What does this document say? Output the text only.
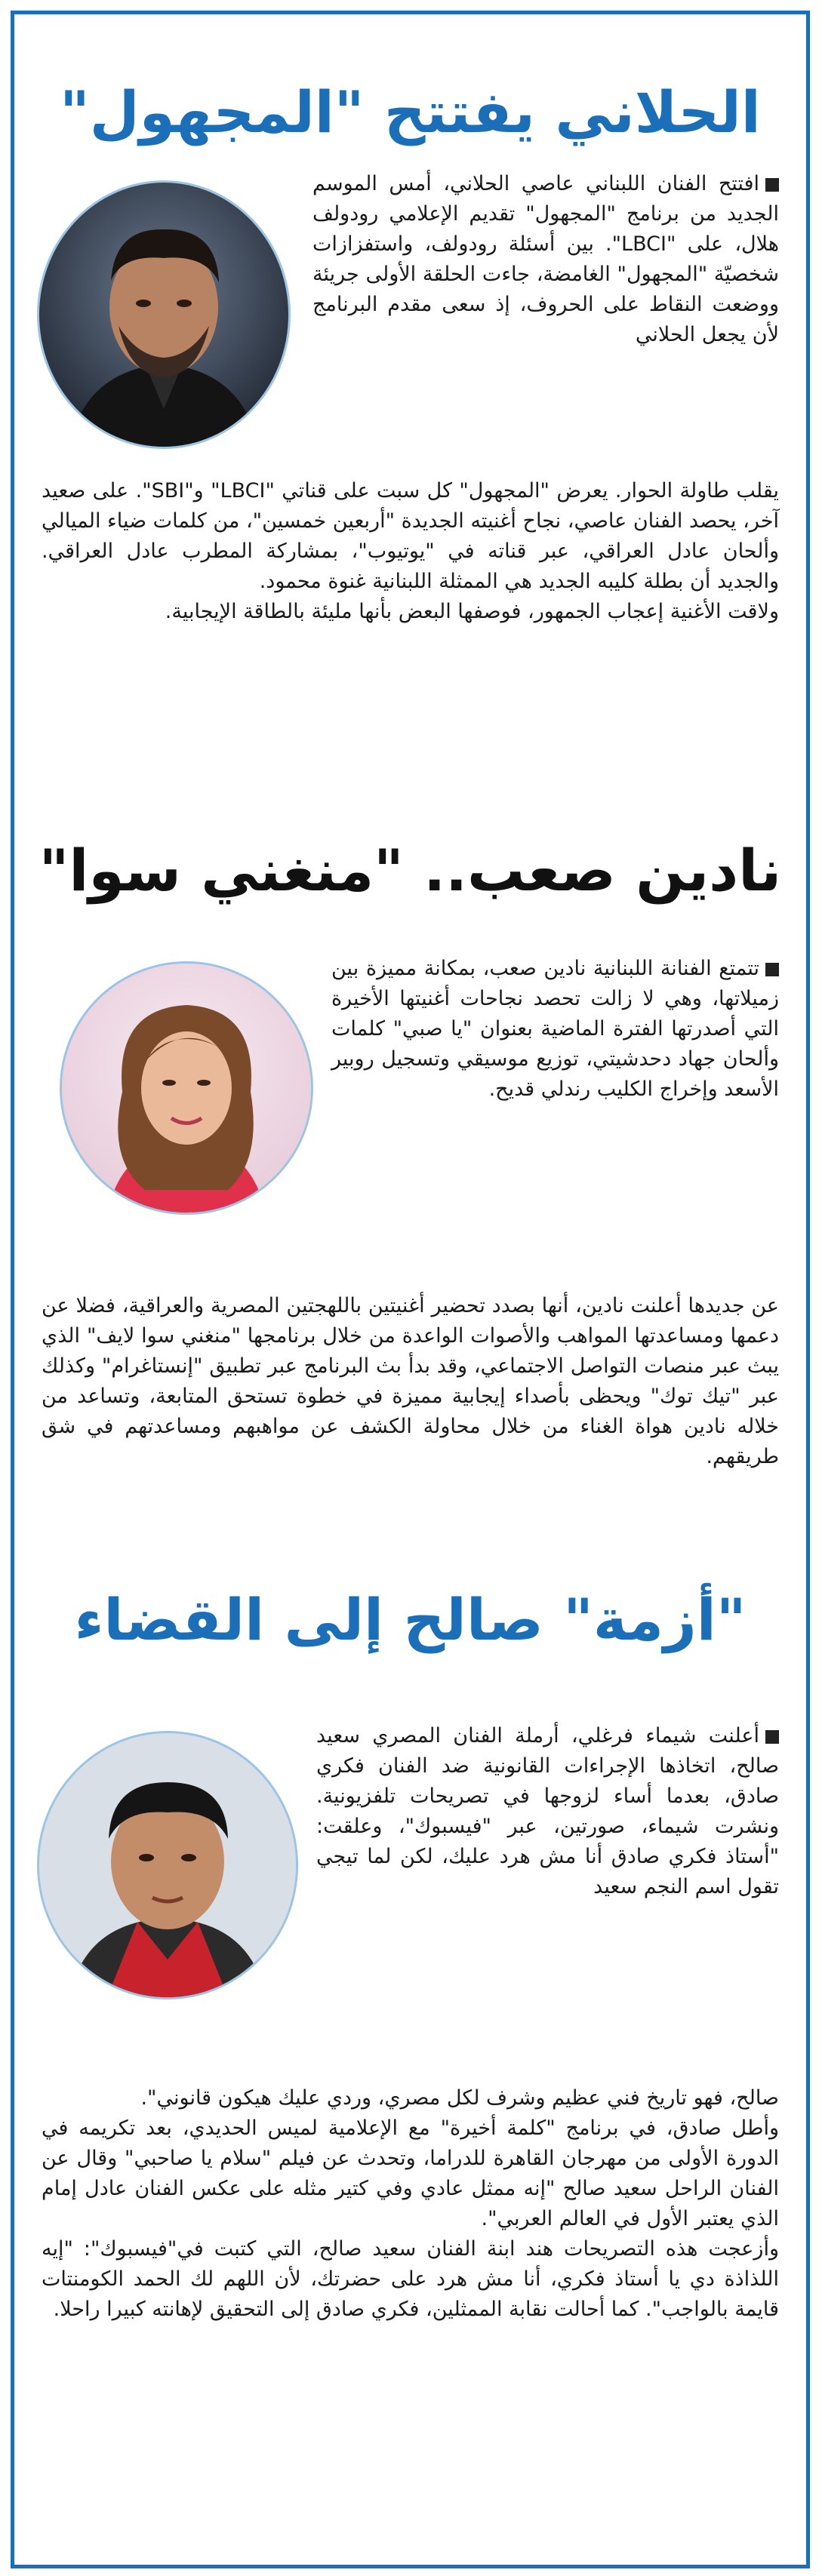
الحلاني يفتتح "المجهول"

افتتح الفنان اللبناني عاصي الحلاني، أمس الموسم الجديد من برنامج "المجهول" تقديم الإعلامي رودولف هلال، على "LBCI". بين أسئلة رودولف، واستفزازات شخصيّة "المجهول" الغامضة، جاءت الحلقة الأولى جريئة ووضعت النقاط على الحروف، إذ سعى مقدم البرنامج لأن يجعل الحلاني

يقلب طاولة الحوار. يعرض "المجهول" كل سبت على قناتي "LBCI" و"SBI". على صعيد آخر، يحصد الفنان عاصي، نجاح أغنيته الجديدة "أربعين خمسين"، من كلمات ضياء الميالي وألحان عادل العراقي، عبر قناته في "يوتيوب"، بمشاركة المطرب عادل العراقي. والجديد أن بطلة كليبه الجديد هي الممثلة اللبنانية غنوة محمود.

ولاقت الأغنية إعجاب الجمهور، فوصفها البعض بأنها مليئة بالطاقة الإيجابية.

نادين صعب.. "منغني سوا"

تتمتع الفنانة اللبنانية نادين صعب، بمكانة مميزة بين زميلاتها، وهي لا زالت تحصد نجاحات أغنيتها الأخيرة التي أصدرتها الفترة الماضية بعنوان "يا صبي" كلمات وألحان جهاد دحدشيتي، توزيع موسيقي وتسجيل روبير الأسعد وإخراج الكليب رندلي قديح.

عن جديدها أعلنت نادين، أنها بصدد تحضير أغنيتين باللهجتين المصرية والعراقية، فضلا عن دعمها ومساعدتها المواهب والأصوات الواعدة من خلال برنامجها "منغني سوا لايف" الذي يبث عبر منصات التواصل الاجتماعي، وقد بدأ بث البرنامج عبر تطبيق "إنستاغرام" وكذلك عبر "تيك توك" ويحظى بأصداء إيجابية مميزة في خطوة تستحق المتابعة، وتساعد من خلاله نادين هواة الغناء من خلال محاولة الكشف عن مواهبهم ومساعدتهم في شق طريقهم.

"أزمة" صالح إلى القضاء

أعلنت شيماء فرغلي، أرملة الفنان المصري سعيد صالح، اتخاذها الإجراءات القانونية ضد الفنان فكري صادق، بعدما أساء لزوجها في تصريحات تلفزيونية. ونشرت شيماء، صورتين، عبر "فيسبوك"، وعلقت: "أستاذ فكري صادق أنا مش هرد عليك، لكن لما تيجي تقول اسم النجم سعيد

صالح، فهو تاريخ فني عظيم وشرف لكل مصري، وردي عليك هيكون قانوني".

وأطل صادق، في برنامج "كلمة أخيرة" مع الإعلامية لميس الحديدي، بعد تكريمه في الدورة الأولى من مهرجان القاهرة للدراما، وتحدث عن فيلم "سلام يا صاحبي" وقال عن الفنان الراحل سعيد صالح "إنه ممثل عادي وفي كتير مثله على عكس الفنان عادل إمام الذي يعتبر الأول في العالم العربي".

وأزعجت هذه التصريحات هند ابنة الفنان سعيد صالح، التي كتبت في"فيسبوك": "إيه اللذاذة دي يا أستاذ فكري، أنا مش هرد على حضرتك، لأن اللهم لك الحمد الكومنتات قايمة بالواجب". كما أحالت نقابة الممثلين، فكري صادق إلى التحقيق لإهانته كبيرا راحلا.
